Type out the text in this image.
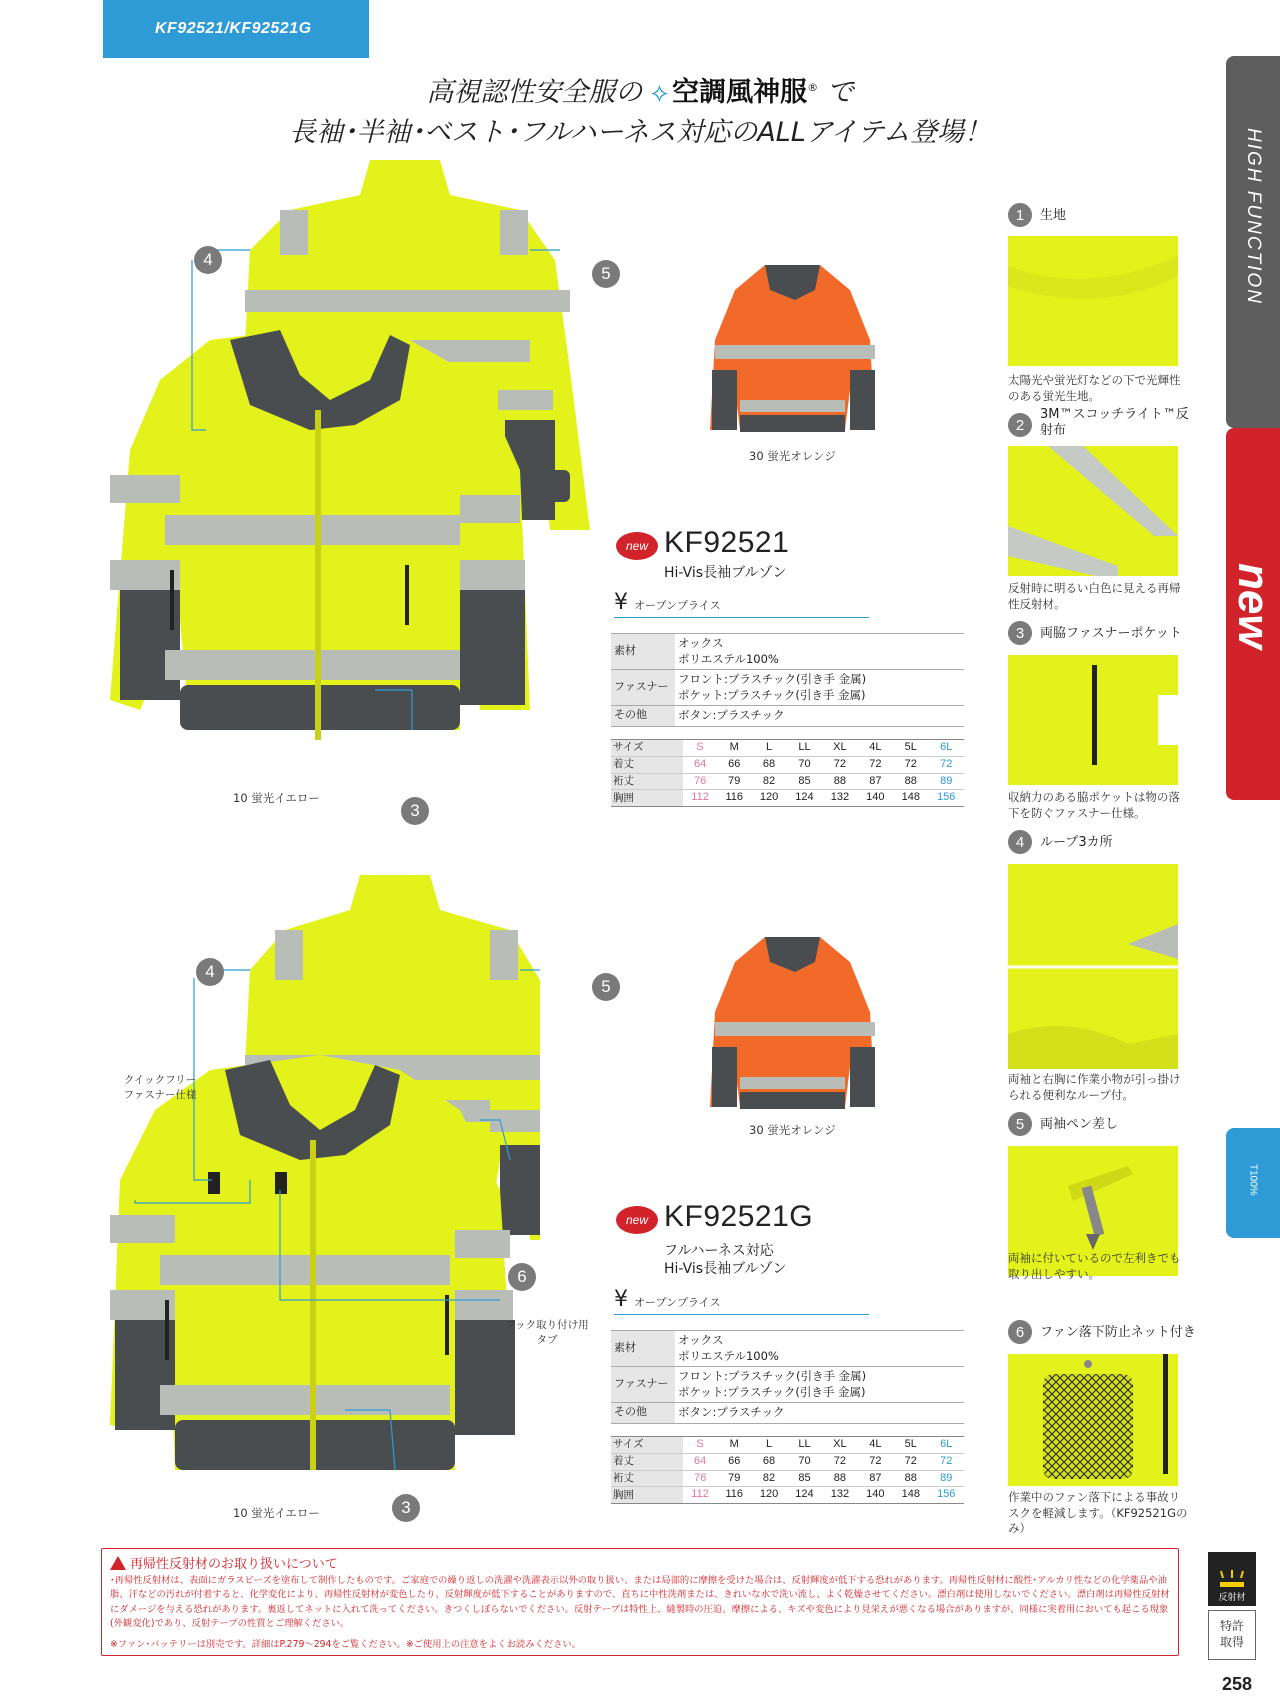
KF92521/KF92521G
高視認性安全服の ⟡ 空調風神服® で
長袖･半袖･ベスト･フルハーネス対応のALLアイテム登場！	HIGH FUNCTION
new
T100%
4
5
3
10 蛍光イエロー
30 蛍光オレンジ
new KF92521
Hi-Vis長袖ブルゾン
¥ オープンプライス
素材	オックス
ポリエステル100%

ファスナー	フロント:プラスチック(引き手 金属)
ポケット:プラスチック(引き手 金属)

その他	ボタン:プラスチック
サイズ	S	M	L	LL	XL	4L	5L	6L
着丈	64	66	68	70	72	72	72	72
裄丈	76	79	82	85	88	87	88	89
胸囲	112	116	120	124	132	140	148	156
4
5
6
3
クイックフリー
ファスナー仕様
フック取り付け用
タブ
10 蛍光イエロー
30 蛍光オレンジ
new KF92521G
フルハーネス対応
Hi-Vis長袖ブルゾン
¥ オープンプライス
素材	オックス
ポリエステル100%

ファスナー	フロント:プラスチック(引き手 金属)
ポケット:プラスチック(引き手 金属)

その他	ボタン:プラスチック
サイズ	S	M	L	LL	XL	4L	5L	6L
着丈	64	66	68	70	72	72	72	72
裄丈	76	79	82	85	88	87	88	89
胸囲	112	116	120	124	132	140	148	156
1	生地
太陽光や蛍光灯などの下で光輝性のある蛍光生地。
2
3M™スコッチライト™反射布
反射時に明るい白色に見える再帰性反射材。
3	両脇ファスナーポケット
収納力のある脇ポケットは物の落下を防ぐファスナー仕様。
4	ループ3カ所
両袖と右胸に作業小物が引っ掛けられる便利なループ付。
5	両袖ペン差し
両袖に付いているので左利きでも取り出しやすい。
6	ファン落下防止ネット付き
作業中のファン落下による事故リスクを軽減します。（KF92521Gのみ）
再帰性反射材のお取り扱いについて
･再帰性反射材は、表面にガラスビーズを塗布して制作したものです。ご家庭での繰り返しの洗濯や洗濯表示以外の取り扱い、または局部的に摩擦を受けた場合は、反射輝度が低下する恐れがあります。再帰性反射材に酸性･アルカリ性などの化学薬品や油脂、汗などの汚れが付着すると、化学変化により、再帰性反射材が変色したり、反射輝度が低下することがありますので、直ちに中性洗剤または、きれいな水で洗い流し、よく乾燥させてください。漂白剤は使用しないでください。漂白剤は再帰性反射材にダメージを与える恐れがあります。裏返してネットに入れて洗ってください。きつくしぼらないでください。反射テープは特性上、縫製時の圧迫、摩擦による、キズや変色により見栄えが悪くなる場合がありますが、同様に実着用においても起こる現象(外観変化)であり、反射テープの性質とご理解ください。
※ファン･バッテリーは別売です。詳細はP.279～294をご覧ください。※ご使用上の注意をよくお読みください。
反射材
特許
取得
258
